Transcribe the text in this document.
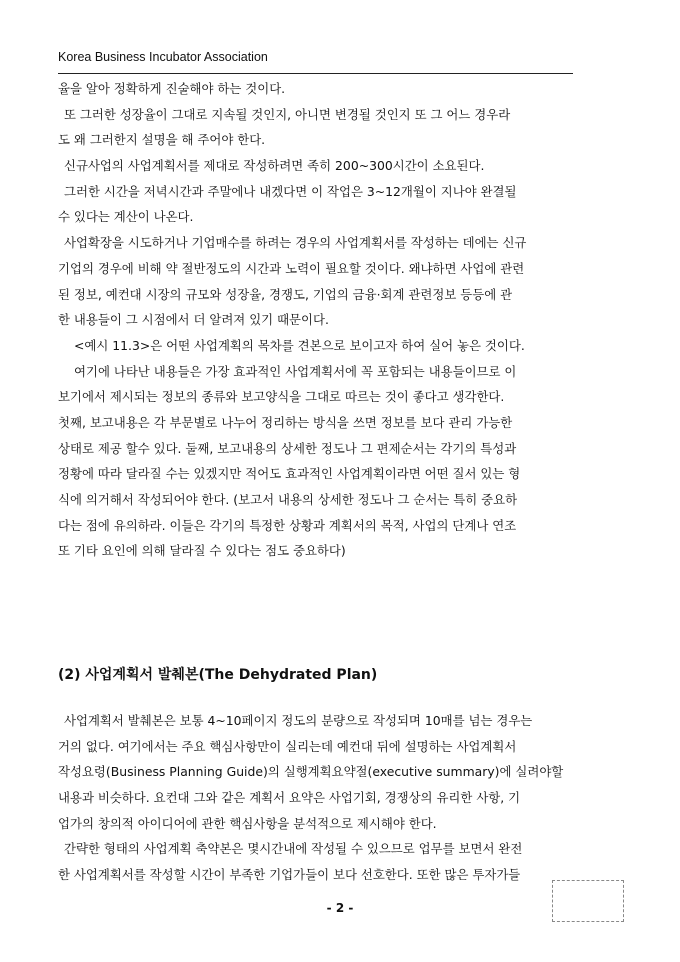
Korea Business Incubator Association
율을 알아 정확하게 진술해야 하는 것이다.
또 그러한 성장율이 그대로 지속될 것인지, 아니면 변경될 것인지 또 그 어느 경우라
도 왜 그러한지 설명을 해 주어야 한다.
신규사업의 사업계획서를 제대로 작성하려면 족히 200~300시간이 소요된다.
그러한 시간을 저녁시간과 주말에나 내겠다면 이 작업은 3~12개월이 지나야 완결될
수 있다는 계산이 나온다.
사업확장을 시도하거나 기업매수를 하려는 경우의 사업계획서를 작성하는 데에는 신규
기업의 경우에 비해 약 절반정도의 시간과 노력이 필요할 것이다. 왜냐하면 사업에 관련
된 정보, 예컨대 시장의 규모와 성장율, 경쟁도, 기업의 금융·회계 관련정보 등등에 관
한 내용들이 그 시점에서 더 알려져 있기 때문이다.
<예시 11.3>은 어떤 사업계획의 목차를 견본으로 보이고자 하여 실어 놓은 것이다.
여기에 나타난 내용들은 가장 효과적인 사업계획서에 꼭 포함되는 내용들이므로 이
보기에서 제시되는 정보의 종류와 보고양식을 그대로 따르는 것이 좋다고 생각한다.
첫째, 보고내용은 각 부문별로 나누어 정리하는 방식을 쓰면 정보를 보다 관리 가능한
상태로 제공 할수 있다. 둘째, 보고내용의 상세한 정도나 그 편제순서는 각기의 특성과
정황에 따라 달라질 수는 있겠지만 적어도 효과적인 사업계획이라면 어떤 질서 있는 형
식에 의거해서 작성되어야 한다. (보고서 내용의 상세한 정도나 그 순서는 특히 중요하
다는 점에 유의하라. 이들은 각기의 특정한 상황과 계획서의 목적, 사업의 단계나 연조
또 기타 요인에 의해 달라질 수 있다는 점도 중요하다)
(2) 사업계획서 발췌본(The Dehydrated Plan)
사업계획서 발췌본은 보통 4~10페이지 정도의 분량으로 작성되며 10매를 넘는 경우는
거의 없다. 여기에서는 주요 핵심사항만이 실리는데 예컨대 뒤에 설명하는 사업계획서
작성요령(Business Planning Guide)의 실행계획요약절(executive summary)에 실려야할
내용과 비슷하다. 요컨대 그와 같은 계획서 요약은 사업기회, 경쟁상의 유리한 사항, 기
업가의 창의적 아이디어에 관한 핵심사항을 분석적으로 제시해야 한다.
간략한 형태의 사업계획 축약본은 몇시간내에 작성될 수 있으므로 업무를 보면서 완전
한 사업계획서를 작성할 시간이 부족한 기업가들이 보다 선호한다. 또한 많은 투자가들
- 2 -
